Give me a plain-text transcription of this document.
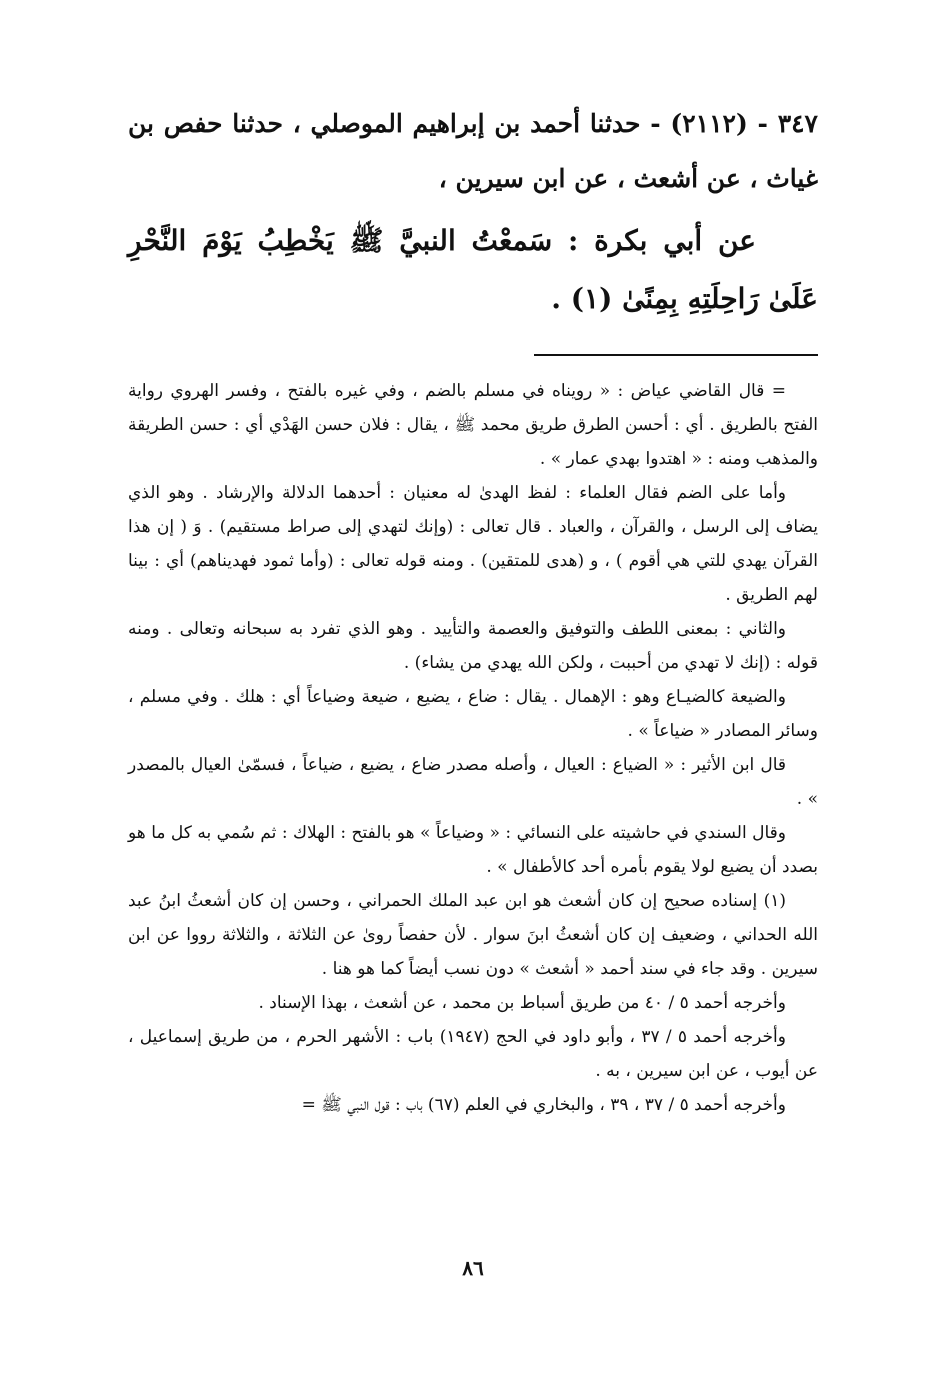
٣٤٧ - (٢١١٢) - حدثنا أحمد بن إبراهيم الموصلي ، حدثنا حفص بن غياث ، عن أشعث ، عن ابن سيرين ،

عن أبي بكرة : سَمعْتُ النبيَّ ﷺ يَخْطِبُ يَوْمَ النَّحْرِ عَلَىٰ رَاحِلَتِهِ بِمِنًىٰ (١) .

= قال القاضي عياض : « رويناه في مسلم بالضم ، وفي غيره بالفتح ، وفسر الهروي رواية الفتح بالطريق . أي : أحسن الطرق طريق محمد ﷺ ، يقال : فلان حسن الهَدْي أي : حسن الطريقة والمذهب ومنه : « اهتدوا بهدي عمار » .

وأما على الضم فقال العلماء : لفظ الهدىٰ له معنيان : أحدهما الدلالة والإرشاد . وهو الذي يضاف إلى الرسل ، والقرآن ، والعباد . قال تعالى : (وإنك لتهدي إلى صراط مستقيم) . وَ ( إن هذا القرآن يهدي للتي هي أقوم ) ، و (هدى للمتقين) . ومنه قوله تعالى : (وأما ثمود فهديناهم) أي : بينا لهم الطريق .

والثاني : بمعنى اللطف والتوفيق والعصمة والتأييد . وهو الذي تفرد به سبحانه وتعالى . ومنه قوله : (إنك لا تهدي من أحببت ، ولكن الله يهدي من يشاء) .

والضيعة كالضيـاع وهو : الإهمال . يقال : ضاع ، يضيع ، ضيعة وضياعاً أي : هلك . وفي مسلم ، وسائر المصادر « ضياعاً » .

قال ابن الأثير : « الضياع : العيال ، وأصله مصدر ضاع ، يضيع ، ضياعاً ، فسمّىٰ العيال بالمصدر » .

وقال السندي في حاشيته على النسائي : « وضياعاً » هو بالفتح : الهلاك : ثم سُمي به كل ما هو بصدد أن يضيع لولا يقوم بأمره أحد كالأطفال » .

(١) إسناده صحيح إن كان أشعث هو ابن عبد الملك الحمراني ، وحسن إن كان أشعثُ ابنُ عبد الله الحداني ، وضعيف إن كان أشعثُ ابنَ سوار . لأن حفصاً روىٰ عن الثلاثة ، والثلاثة رووا عن ابن سيرين . وقد جاء في سند أحمد « أشعث » دون نسب أيضاً كما هو هنا .

وأخرجه أحمد ٥ / ٤٠ من طريق أسباط بن محمد ، عن أشعث ، بهذا الإسناد .

وأخرجه أحمد ٥ / ٣٧ ، وأبو داود في الحج (١٩٤٧) باب : الأشهر الحرم ، من طريق إسماعيل ، عن أيوب ، عن ابن سيرين ، به .

وأخرجه أحمد ٥ / ٣٧ ، ٣٩ ، والبخاري في العلم (٦٧) باب : قول النبي ﷺ =

٨٦
